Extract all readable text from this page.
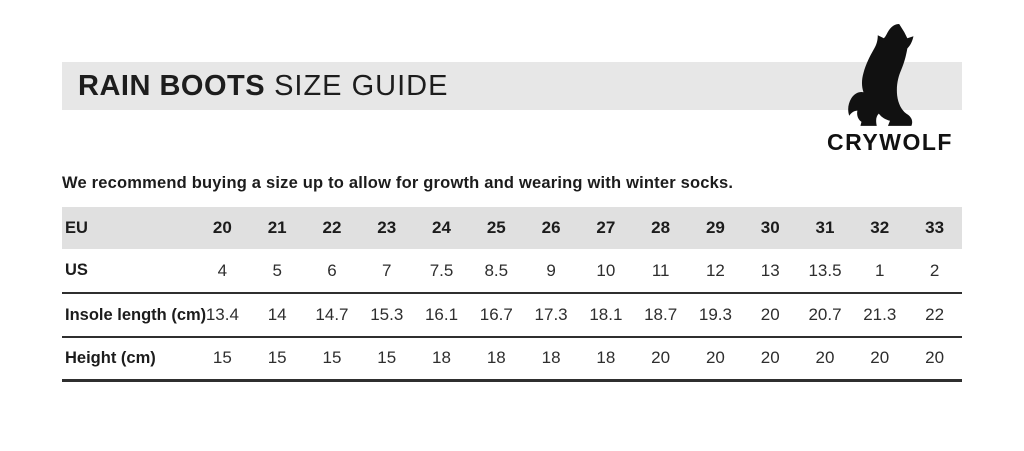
RAIN BOOTS SIZE GUIDE
CRYWOLF

We recommend buying a size up to allow for growth and wearing with winter socks.

EU	20	21	22	23	24	25	26	27	28	29	30	31	32	33
US	4	5	6	7	7.5	8.5	9	10	11	12	13	13.5	1	2
Insole length (cm)	13.4	14	14.7	15.3	16.1	16.7	17.3	18.1	18.7	19.3	20	20.7	21.3	22
Height (cm)	15	15	15	15	18	18	18	18	20	20	20	20	20	20
